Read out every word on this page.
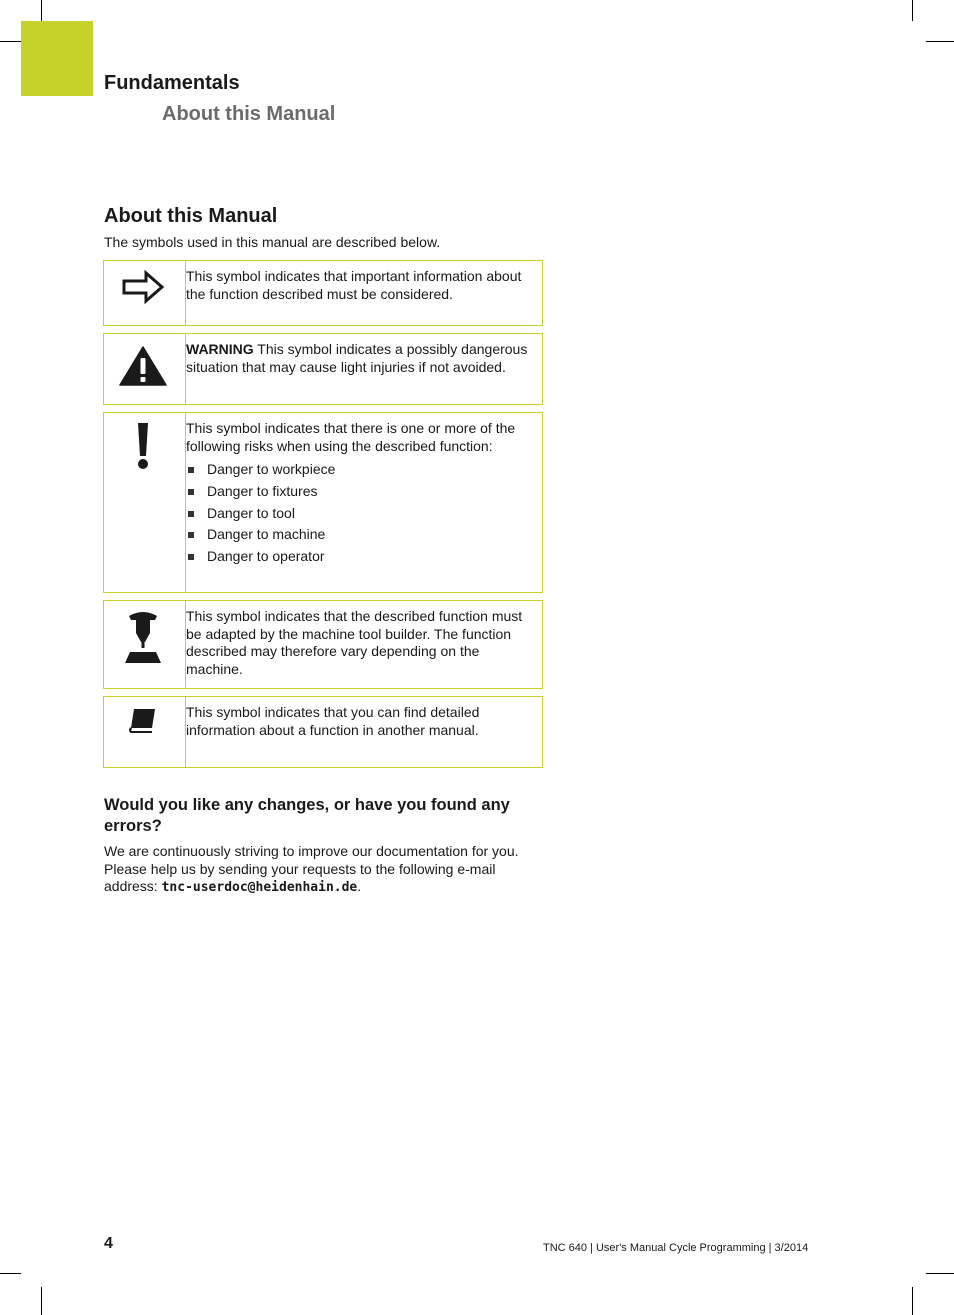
Fundamentals
About this Manual
About this Manual

The symbols used in this manual are described below.

This symbol indicates that important information about the function described must be considered.
WARNING This symbol indicates a possibly dangerous situation that may cause light injuries if not avoided.
This symbol indicates that there is one or more of the following risks when using the described function:
Danger to workpiece
Danger to fixtures
Danger to tool
Danger to machine
Danger to operator
This symbol indicates that the described function must be adapted by the machine tool builder. The function described may therefore vary depending on the machine.
This symbol indicates that you can find detailed information about a function in another manual.
Would you like any changes, or have you found any errors?

We are continuously striving to improve our documentation for you. Please help us by sending your requests to the following e-mail address: tnc-userdoc@heidenhain.de.

4	TNC 640 | User's Manual Cycle Programming | 3/2014
